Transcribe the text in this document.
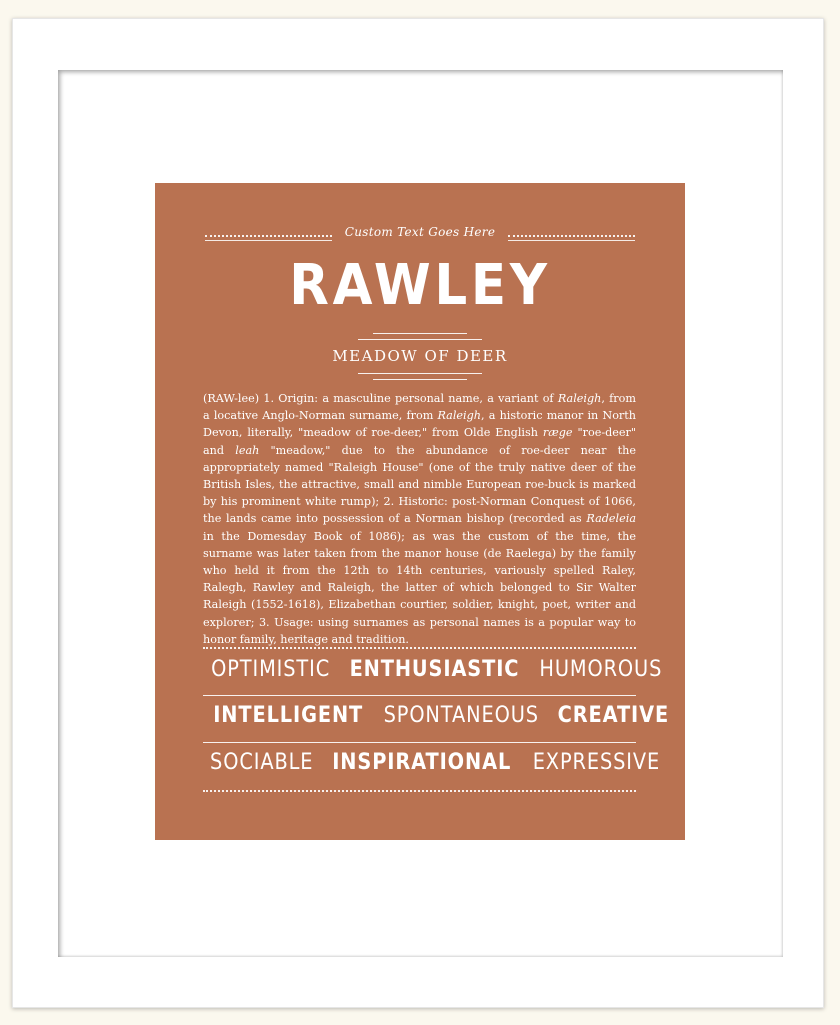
Custom Text Goes Here
RAWLEY
MEADOW OF DEER
(RAW-lee) 1. Origin: a masculine personal name, a variant of Raleigh, from a locative Anglo-Norman surname, from Raleigh, a historic manor in North Devon, literally, "meadow of roe-deer," from Olde English ræge "roe-deer" and leah "meadow," due to the abundance of roe-deer near the appropriately named "Raleigh House" (one of the truly native deer of the British Isles, the attractive, small and nimble European roe-buck is marked by his prominent white rump); 2. Historic: post-Norman Conquest of 1066, the lands came into possession of a Norman bishop (recorded as Radeleia in the Domesday Book of 1086); as was the custom of the time, the surname was later taken from the manor house (de Raelega) by the family who held it from the 12th to 14th centuries, variously spelled Raley, Ralegh, Rawley and Raleigh, the latter of which belonged to Sir Walter Raleigh (1552-1618), Elizabethan courtier, soldier, knight, poet, writer and explorer; 3. Usage: using surnames as personal names is a popular way to honor family, heritage and tradition.
OPTIMISTIC ENTHUSIASTIC HUMOROUS
INTELLIGENT SPONTANEOUS CREATIVE
SOCIABLE INSPIRATIONAL EXPRESSIVE
